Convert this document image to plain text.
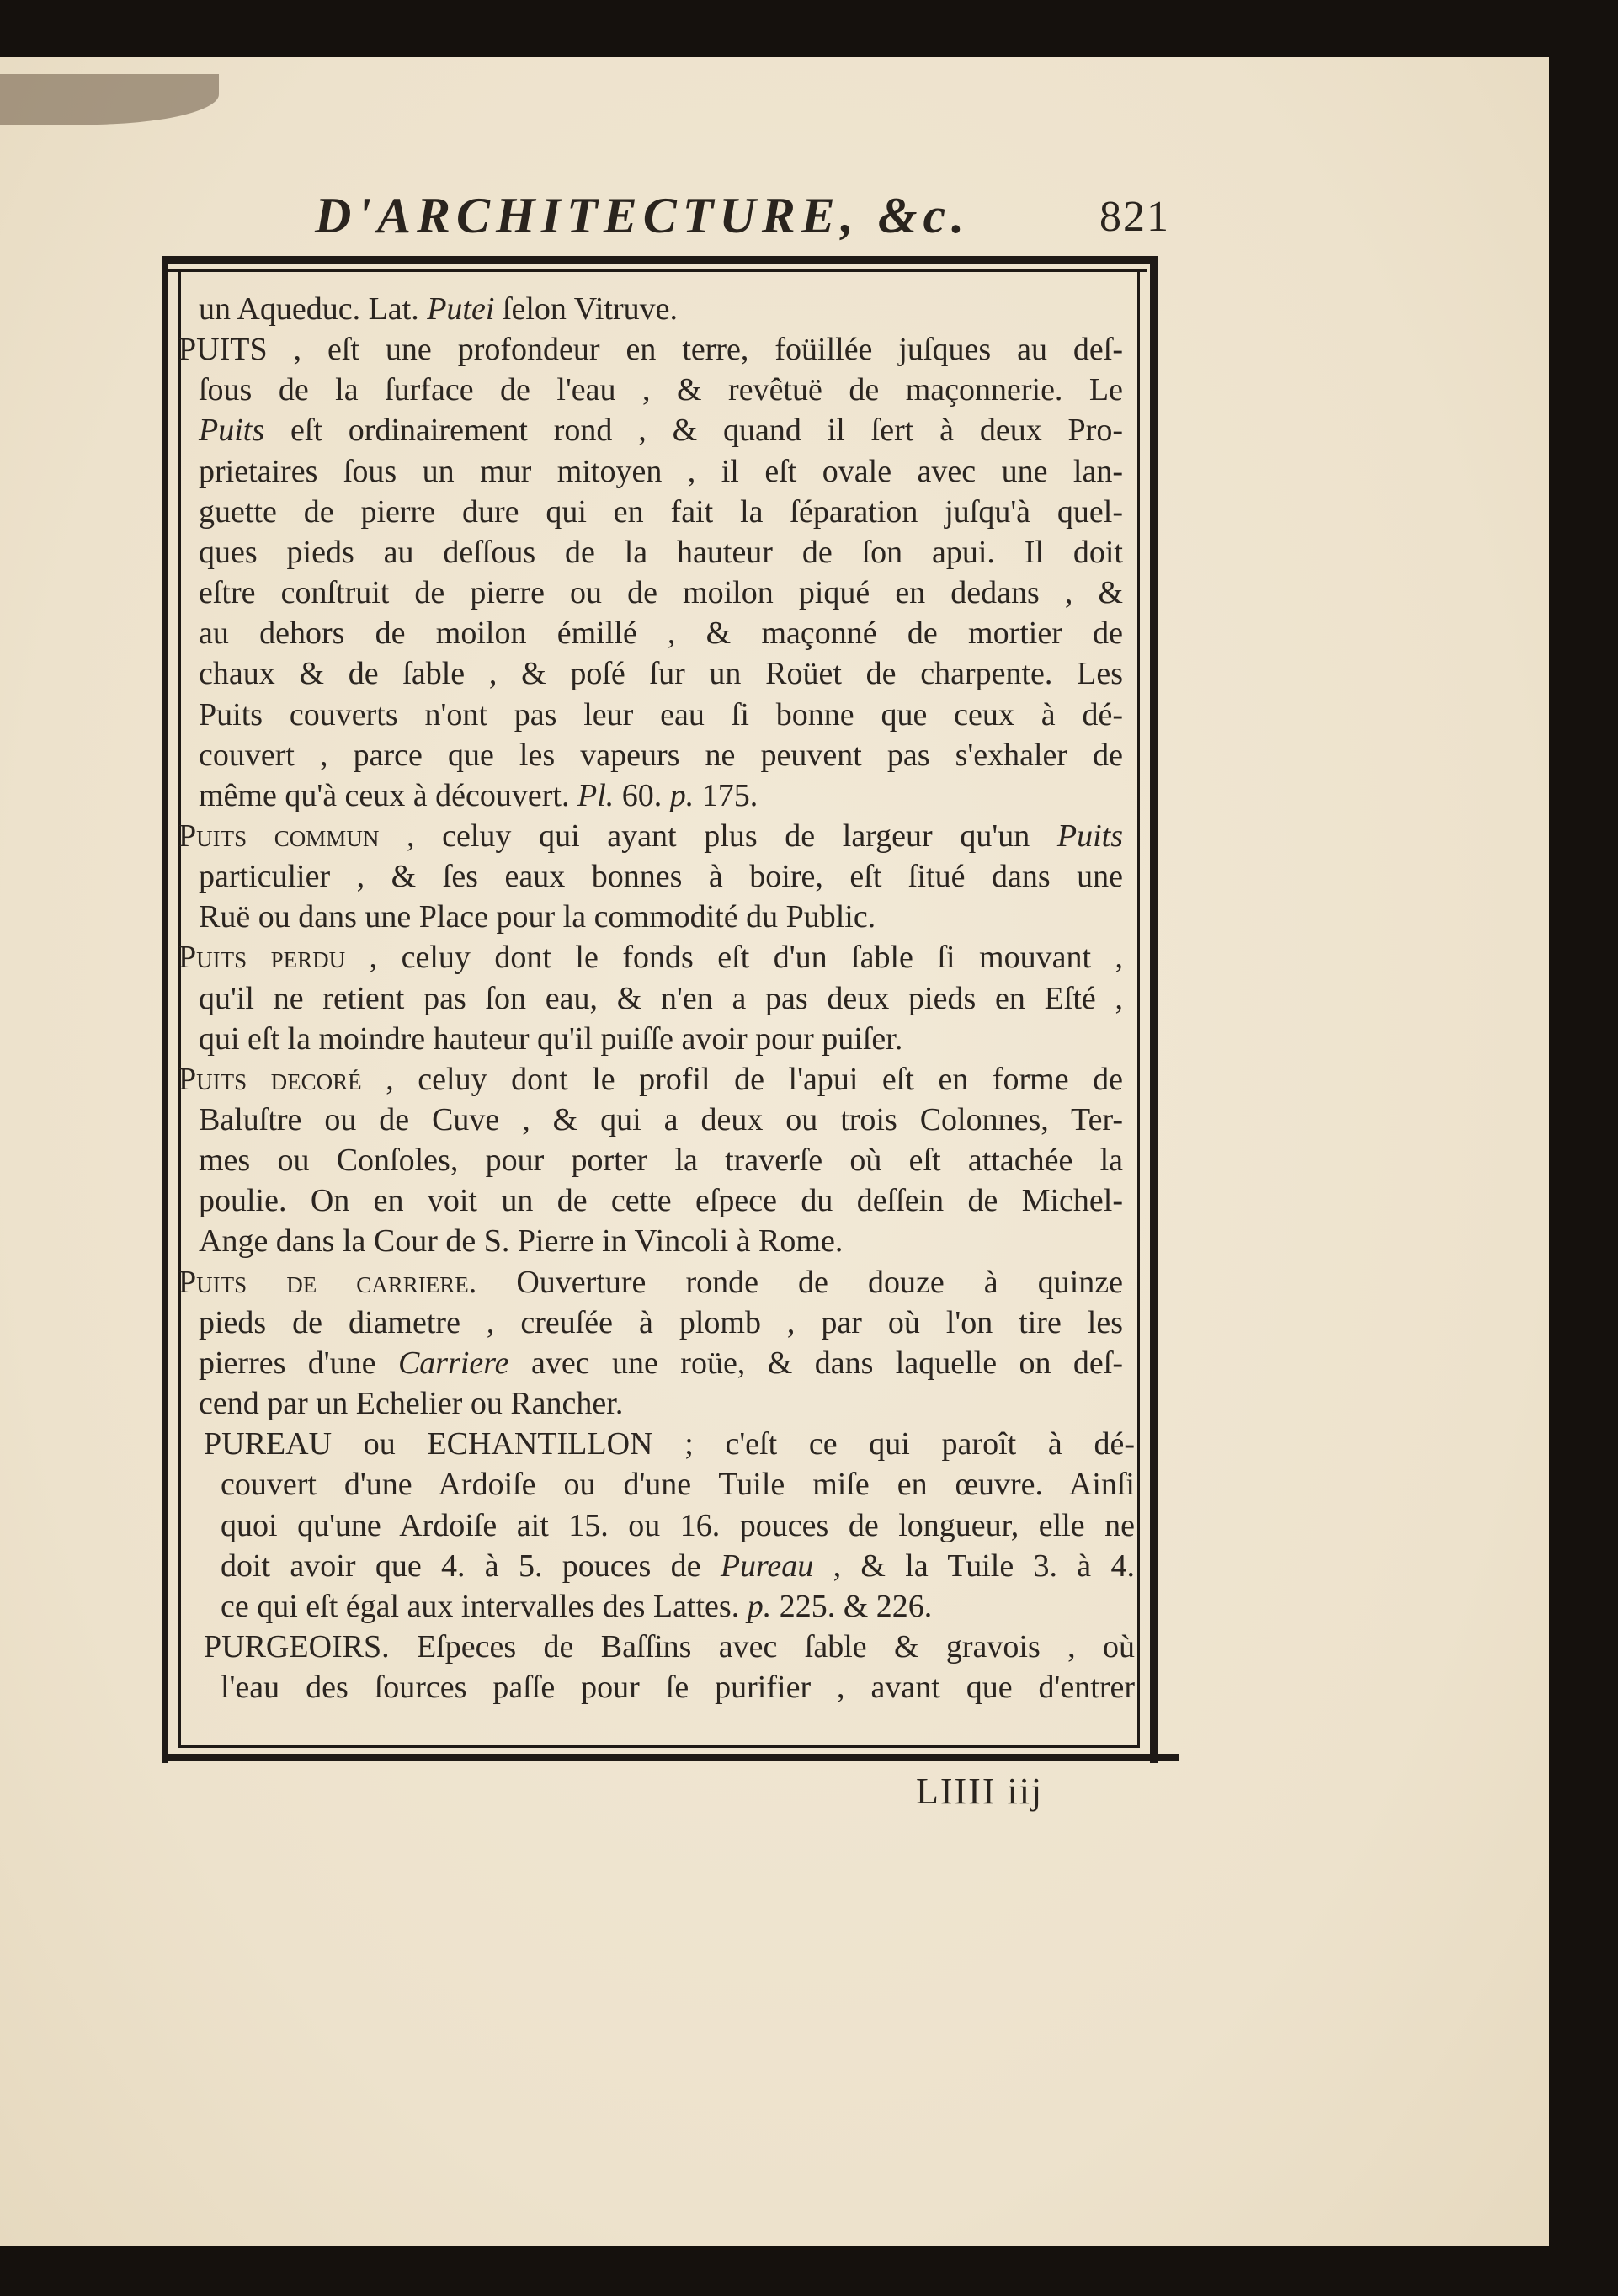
D'ARCHITECTURE, &c.	821
un Aqueduc. Lat. Putei ſelon Vitruve.
PUITS , eſt une profondeur en terre, foüillée juſques au deſ-
ſous de la ſurface de l'eau , & revêtuë de maçonnerie. Le
Puits eſt ordinairement rond , & quand il ſert à deux Pro-
prietaires ſous un mur mitoyen , il eſt ovale avec une lan-
guette de pierre dure qui en fait la ſéparation juſqu'à quel-
ques pieds au deſſous de la hauteur de ſon apui. Il doit
eſtre conſtruit de pierre ou de moilon piqué en dedans , &
au dehors de moilon émillé , & maçonné de mortier de
chaux & de ſable , & poſé ſur un Roüet de charpente. Les
Puits couverts n'ont pas leur eau ſi bonne que ceux à dé-
couvert , parce que les vapeurs ne peuvent pas s'exhaler de
même qu'à ceux à découvert. Pl. 60. p. 175.
Puits commun , celuy qui ayant plus de largeur qu'un Puits
particulier , & ſes eaux bonnes à boire, eſt ſitué dans une
Ruë ou dans une Place pour la commodité du Public.
Puits perdu , celuy dont le fonds eſt d'un ſable ſi mouvant ,
qu'il ne retient pas ſon eau, & n'en a pas deux pieds en Eſté ,
qui eſt la moindre hauteur qu'il puiſſe avoir pour puiſer.
Puits decoré , celuy dont le profil de l'apui eſt en forme de
Baluſtre ou de Cuve , & qui a deux ou trois Colonnes, Ter-
mes ou Conſoles, pour porter la traverſe où eſt attachée la
poulie. On en voit un de cette eſpece du deſſein de Michel-
Ange dans la Cour de S. Pierre in Vincoli à Rome.
Puits de carriere. Ouverture ronde de douze à quinze
pieds de diametre , creuſée à plomb , par où l'on tire les
pierres d'une Carriere avec une roüe, & dans laquelle on deſ-
cend par un Echelier ou Rancher.
PUREAU ou ECHANTILLON ; c'eſt ce qui paroît à dé-
couvert d'une Ardoiſe ou d'une Tuile miſe en œuvre. Ainſi
quoi qu'une Ardoiſe ait 15. ou 16. pouces de longueur, elle ne
doit avoir que 4. à 5. pouces de Pureau , & la Tuile 3. à 4.
ce qui eſt égal aux intervalles des Lattes. p. 225. & 226.
PURGEOIRS. Eſpeces de Baſſins avec ſable & gravois , où
l'eau des ſources paſſe pour ſe purifier , avant que d'entrer
LIIII iij
